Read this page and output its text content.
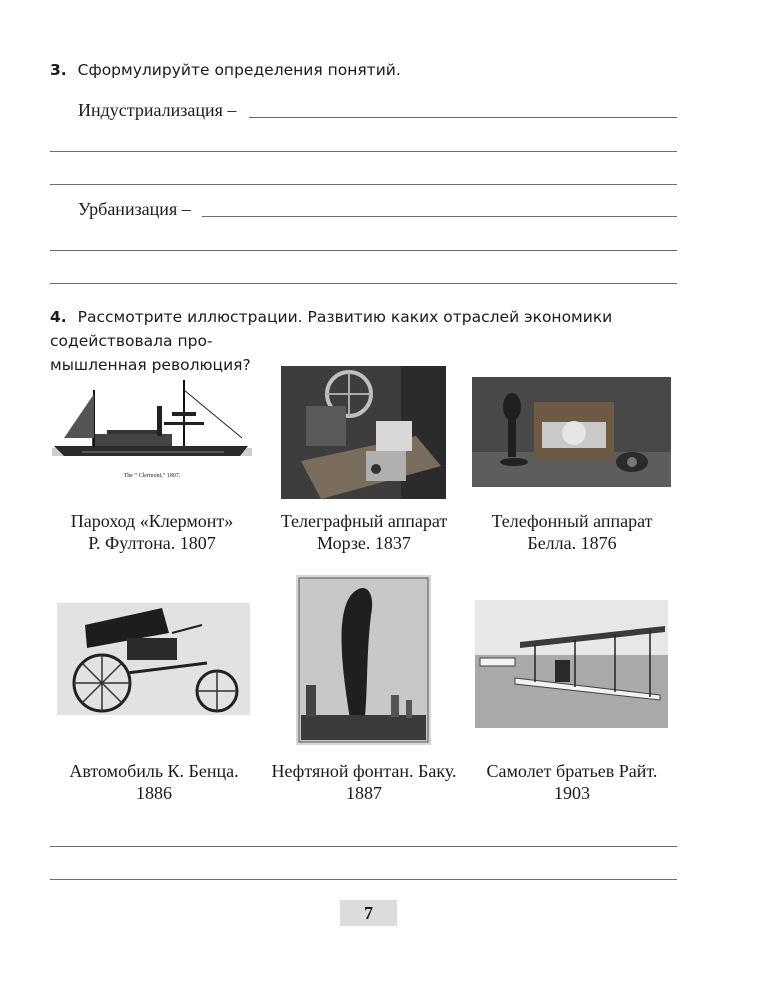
3. Сформулируйте определения понятий.
Индустриализация –
Урбанизация –
4. Рассмотрите иллюстрации. Развитию каких отраслей экономики содействовала про-
мышленная революция?
The “ Clermont,” 1807.
Пароход «Клермонт»
Р. Фултона. 1807
Телеграфный аппарат
Морзе. 1837
Телефонный аппарат
Белла. 1876
Автомобиль К. Бенца.
1886
Нефтяной фонтан. Баку.
1887
Самолет братьев Райт.
1903
7
